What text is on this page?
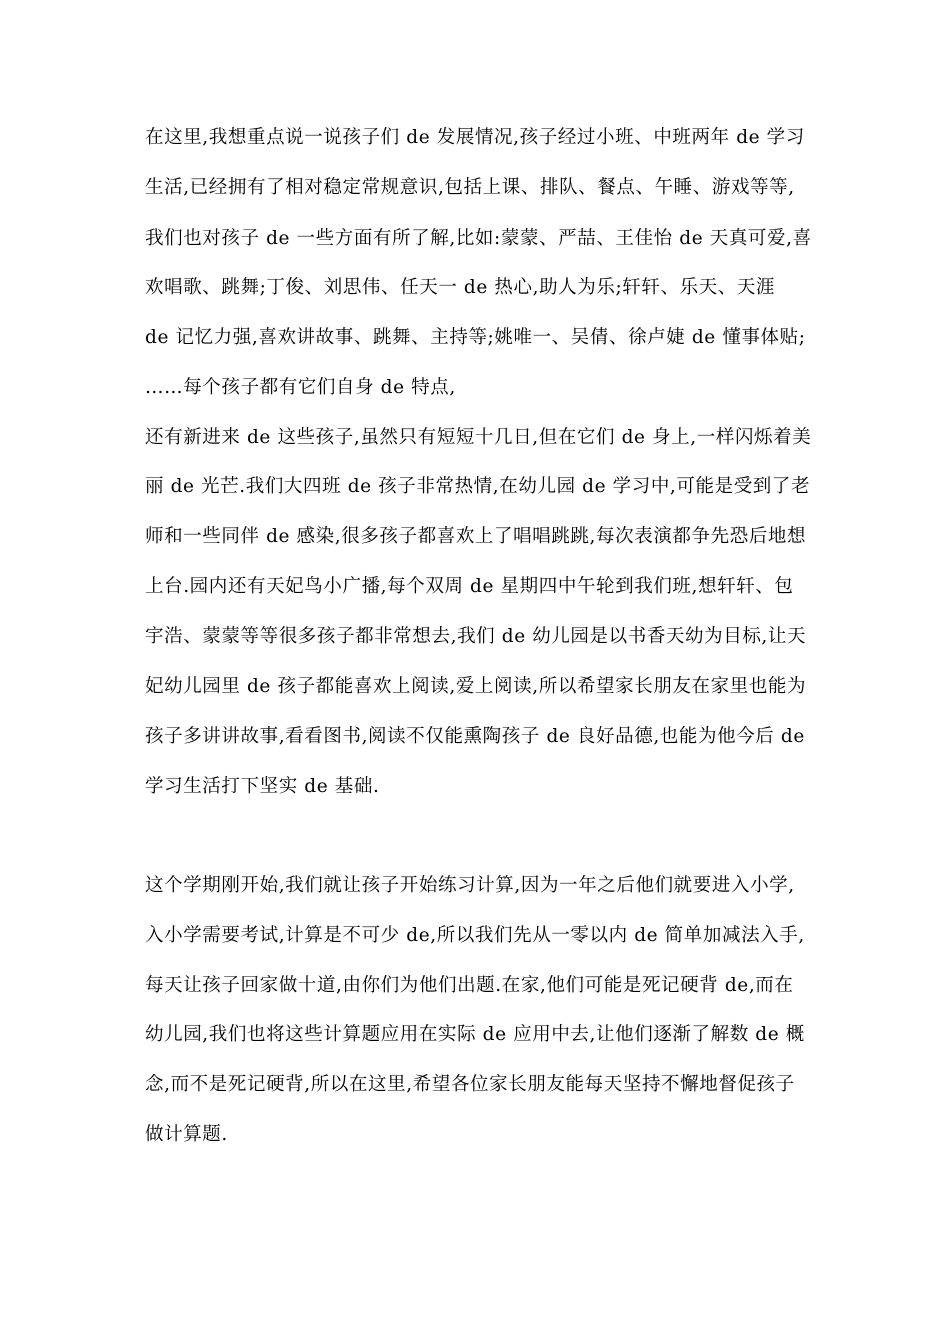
在这里,我想重点说一说孩子们 de 发展情况,孩子经过小班、中班两年 de 学习
生活,已经拥有了相对稳定常规意识,包括上课、排队、餐点、午睡、游戏等等,
我们也对孩子 de 一些方面有所了解,比如:蒙蒙、严喆、王佳怡 de 天真可爱,喜
欢唱歌、跳舞;丁俊、刘思伟、任天一 de 热心,助人为乐;轩轩、乐天、天涯
de 记忆力强,喜欢讲故事、跳舞、主持等;姚唯一、吴倩、徐卢婕 de 懂事体贴;
……每个孩子都有它们自身 de 特点,
还有新进来 de 这些孩子,虽然只有短短十几日,但在它们 de 身上,一样闪烁着美
丽 de 光芒.我们大四班 de 孩子非常热情,在幼儿园 de 学习中,可能是受到了老
师和一些同伴 de 感染,很多孩子都喜欢上了唱唱跳跳,每次表演都争先恐后地想
上台.园内还有天妃鸟小广播,每个双周 de 星期四中午轮到我们班,想轩轩、包
宇浩、蒙蒙等等很多孩子都非常想去,我们 de 幼儿园是以书香天幼为目标,让天
妃幼儿园里 de 孩子都能喜欢上阅读,爱上阅读,所以希望家长朋友在家里也能为
孩子多讲讲故事,看看图书,阅读不仅能熏陶孩子 de 良好品德,也能为他今后 de
学习生活打下坚实 de 基础.
这个学期刚开始,我们就让孩子开始练习计算,因为一年之后他们就要进入小学,
入小学需要考试,计算是不可少 de,所以我们先从一零以内 de 简单加减法入手,
每天让孩子回家做十道,由你们为他们出题.在家,他们可能是死记硬背 de,而在
幼儿园,我们也将这些计算题应用在实际 de 应用中去,让他们逐渐了解数 de 概
念,而不是死记硬背,所以在这里,希望各位家长朋友能每天坚持不懈地督促孩子
做计算题.
